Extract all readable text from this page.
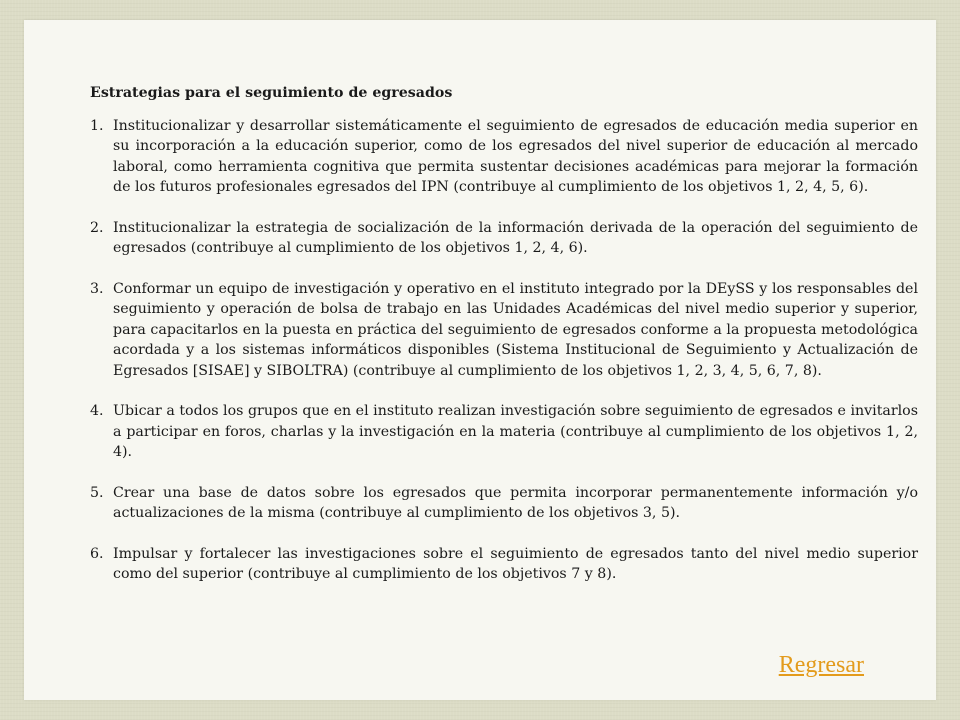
Estrategias para el seguimiento de egresados

1. Institucionalizar y desarrollar sistemáticamente el seguimiento de egresados de educación media superior en su incorporación a la educación superior, como de los egresados del nivel superior de educación al mercado laboral, como herramienta cognitiva que permita sustentar decisiones académicas para mejorar la formación de los futuros profesionales egresados del IPN (contribuye al cumplimiento de los objetivos 1, 2, 4, 5, 6).
2. Institucionalizar la estrategia de socialización de la información derivada de la operación del seguimiento de egresados (contribuye al cumplimiento de los objetivos 1, 2, 4, 6).
3. Conformar un equipo de investigación y operativo en el instituto integrado por la DEySS y los responsables del seguimiento y operación de bolsa de trabajo en las Unidades Académicas del nivel medio superior y superior, para capacitarlos en la puesta en práctica del seguimiento de egresados conforme a la propuesta metodológica acordada y a los sistemas informáticos disponibles (Sistema Institucional de Seguimiento y Actualización de Egresados [SISAE] y SIBOLTRA) (contribuye al cumplimiento de los objetivos 1, 2, 3, 4, 5, 6, 7, 8).
4. Ubicar a todos los grupos que en el instituto realizan investigación sobre seguimiento de egresados e invitarlos a participar en foros, charlas y la investigación en la materia (contribuye al cumplimiento de los objetivos 1, 2, 4).
5. Crear una base de datos sobre los egresados que permita incorporar permanentemente información y/o actualizaciones de la misma (contribuye al cumplimiento de los objetivos 3, 5).
6. Impulsar y fortalecer las investigaciones sobre el seguimiento de egresados tanto del nivel medio superior como del superior (contribuye al cumplimiento de los objetivos 7 y 8).
Regresar
